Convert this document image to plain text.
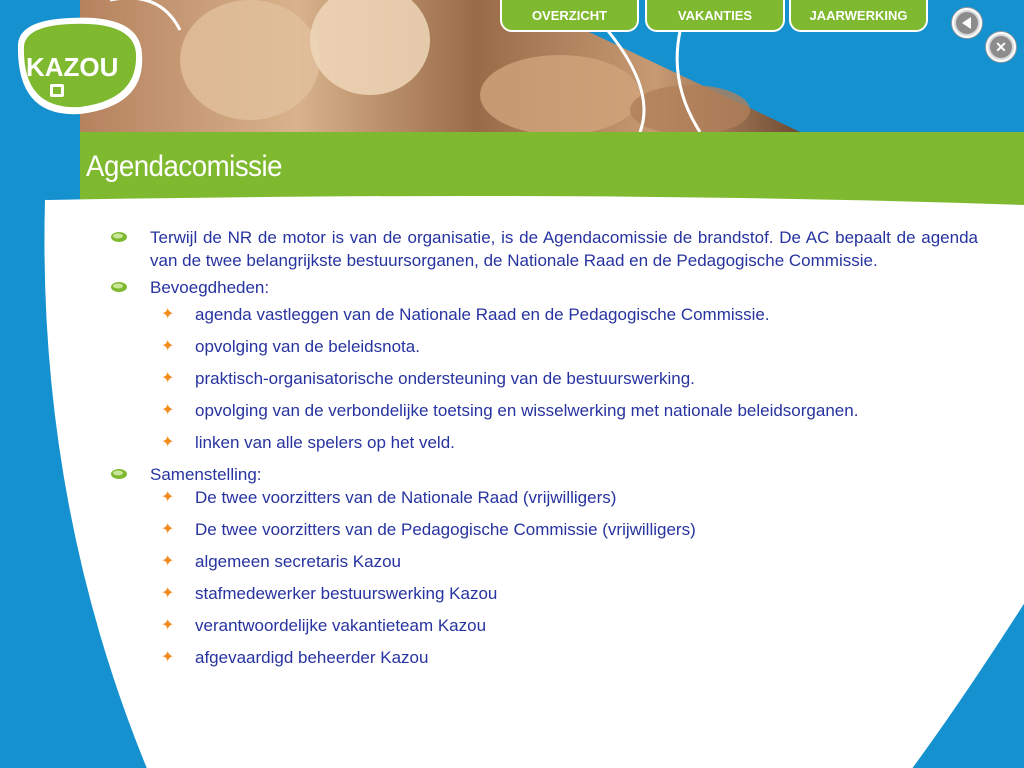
KAZOU
OVERZICHT	VAKANTIES	JAARWERKING
✕
Agendacomissie

Terwijl de NR de motor is van de organisatie, is de Agendacomissie de brandstof. De AC bepaalt de agenda van de twee belangrijkste bestuursorganen, de Nationale Raad en de Pedagogische Commissie.

Bevoegdheden:

✦ agenda vastleggen van de Nationale Raad en de Pedagogische Commissie.

✦ opvolging van de beleidsnota.

✦ praktisch-organisatorische ondersteuning van de bestuurswerking.

✦ opvolging van de verbondelijke toetsing en wisselwerking met nationale beleidsorganen.

✦ linken van alle spelers op het veld.

Samenstelling:

✦ De twee voorzitters van de Nationale Raad (vrijwilligers)

✦ De twee voorzitters van de Pedagogische Commissie (vrijwilligers)

✦ algemeen secretaris Kazou

✦ stafmedewerker bestuurswerking Kazou

✦ verantwoordelijke vakantieteam Kazou

✦ afgevaardigd beheerder Kazou
